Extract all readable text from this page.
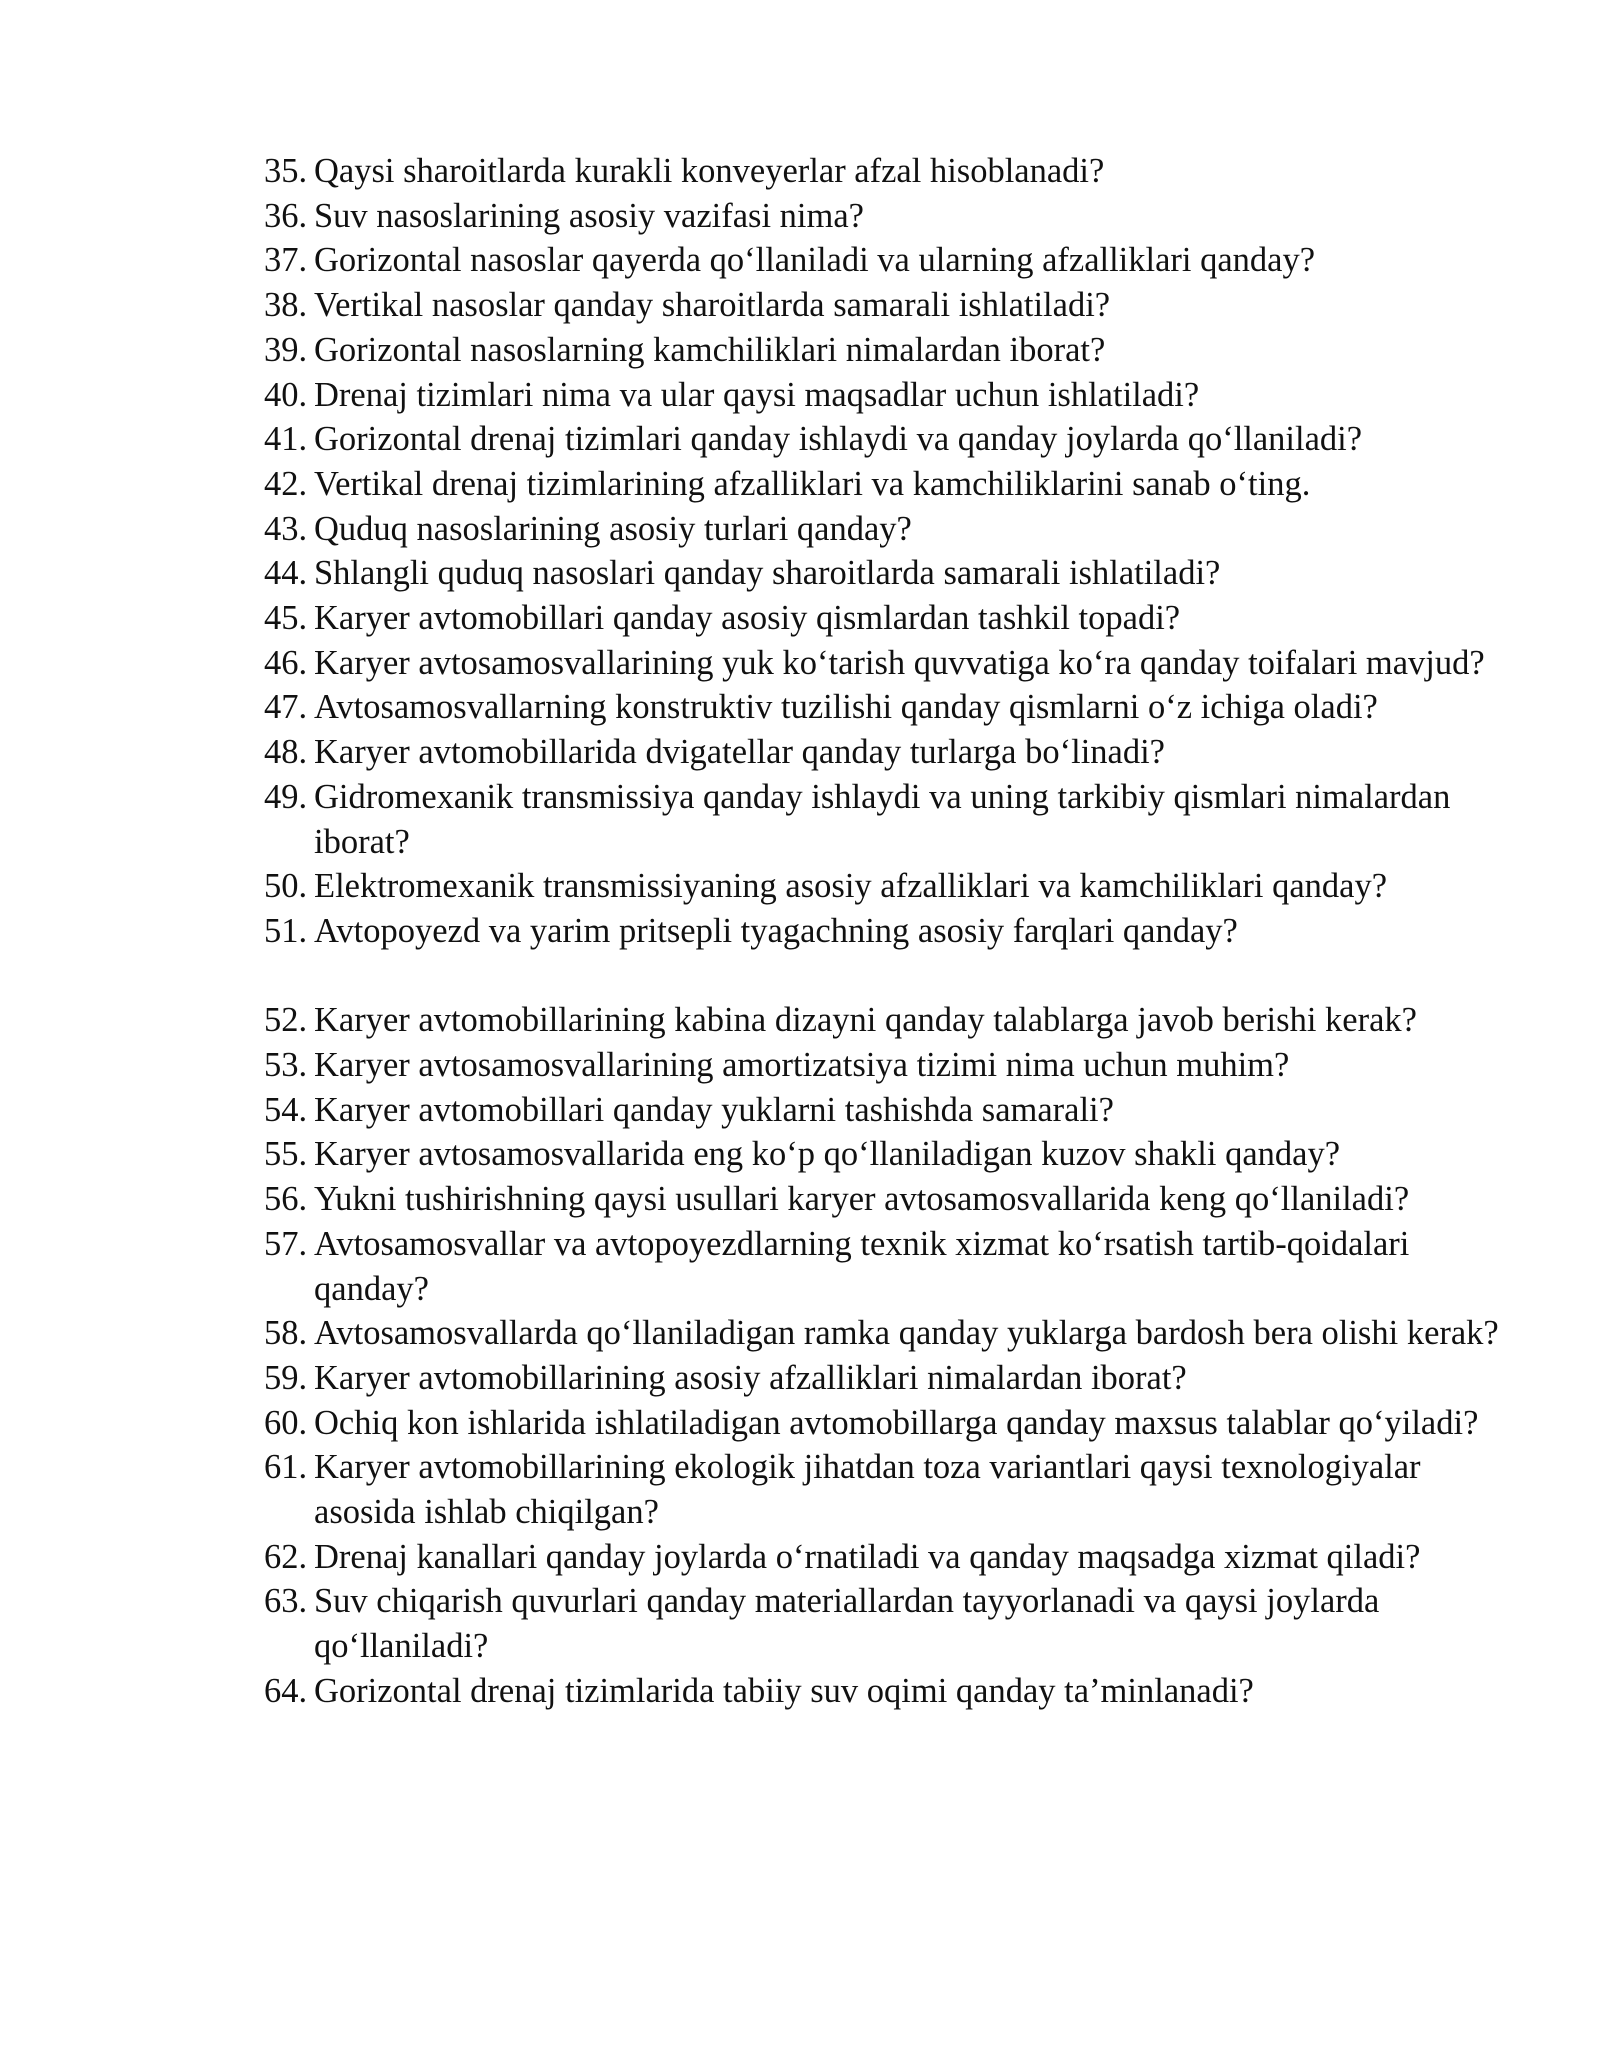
35. Qaysi sharoitlarda kurakli konveyerlar afzal hisoblanadi?
36. Suv nasoslarining asosiy vazifasi nima?
37. Gorizontal nasoslar qayerda qo‘llaniladi va ularning afzalliklari qanday?
38. Vertikal nasoslar qanday sharoitlarda samarali ishlatiladi?
39. Gorizontal nasoslarning kamchiliklari nimalardan iborat?
40. Drenaj tizimlari nima va ular qaysi maqsadlar uchun ishlatiladi?
41. Gorizontal drenaj tizimlari qanday ishlaydi va qanday joylarda qo‘llaniladi?
42. Vertikal drenaj tizimlarining afzalliklari va kamchiliklarini sanab o‘ting.
43. Quduq nasoslarining asosiy turlari qanday?
44. Shlangli quduq nasoslari qanday sharoitlarda samarali ishlatiladi?
45. Karyer avtomobillari qanday asosiy qismlardan tashkil topadi?
46. Karyer avtosamosvallarining yuk ko‘tarish quvvatiga ko‘ra qanday toifalari mavjud?
47. Avtosamosvallarning konstruktiv tuzilishi qanday qismlarni o‘z ichiga oladi?
48. Karyer avtomobillarida dvigatellar qanday turlarga bo‘linadi?
49. Gidromexanik transmissiya qanday ishlaydi va uning tarkibiy qismlari nimalardan iborat?
50. Elektromexanik transmissiyaning asosiy afzalliklari va kamchiliklari qanday?
51. Avtopoyezd va yarim pritsepli tyagachning asosiy farqlari qanday?
52. Karyer avtomobillarining kabina dizayni qanday talablarga javob berishi kerak?
53. Karyer avtosamosvallarining amortizatsiya tizimi nima uchun muhim?
54. Karyer avtomobillari qanday yuklarni tashishda samarali?
55. Karyer avtosamosvallarida eng ko‘p qo‘llaniladigan kuzov shakli qanday?
56. Yukni tushirishning qaysi usullari karyer avtosamosvallarida keng qo‘llaniladi?
57. Avtosamosvallar va avtopoyezdlarning texnik xizmat ko‘rsatish tartib-qoidalari qanday?
58. Avtosamosvallarda qo‘llaniladigan ramka qanday yuklarga bardosh bera olishi kerak?
59. Karyer avtomobillarining asosiy afzalliklari nimalardan iborat?
60. Ochiq kon ishlarida ishlatiladigan avtomobillarga qanday maxsus talablar qo‘yiladi?
61. Karyer avtomobillarining ekologik jihatdan toza variantlari qaysi texnologiyalar asosida ishlab chiqilgan?
62. Drenaj kanallari qanday joylarda o‘rnatiladi va qanday maqsadga xizmat qiladi?
63. Suv chiqarish quvurlari qanday materiallardan tayyorlanadi va qaysi joylarda qo‘llaniladi?
64. Gorizontal drenaj tizimlarida tabiiy suv oqimi qanday ta’minlanadi?
